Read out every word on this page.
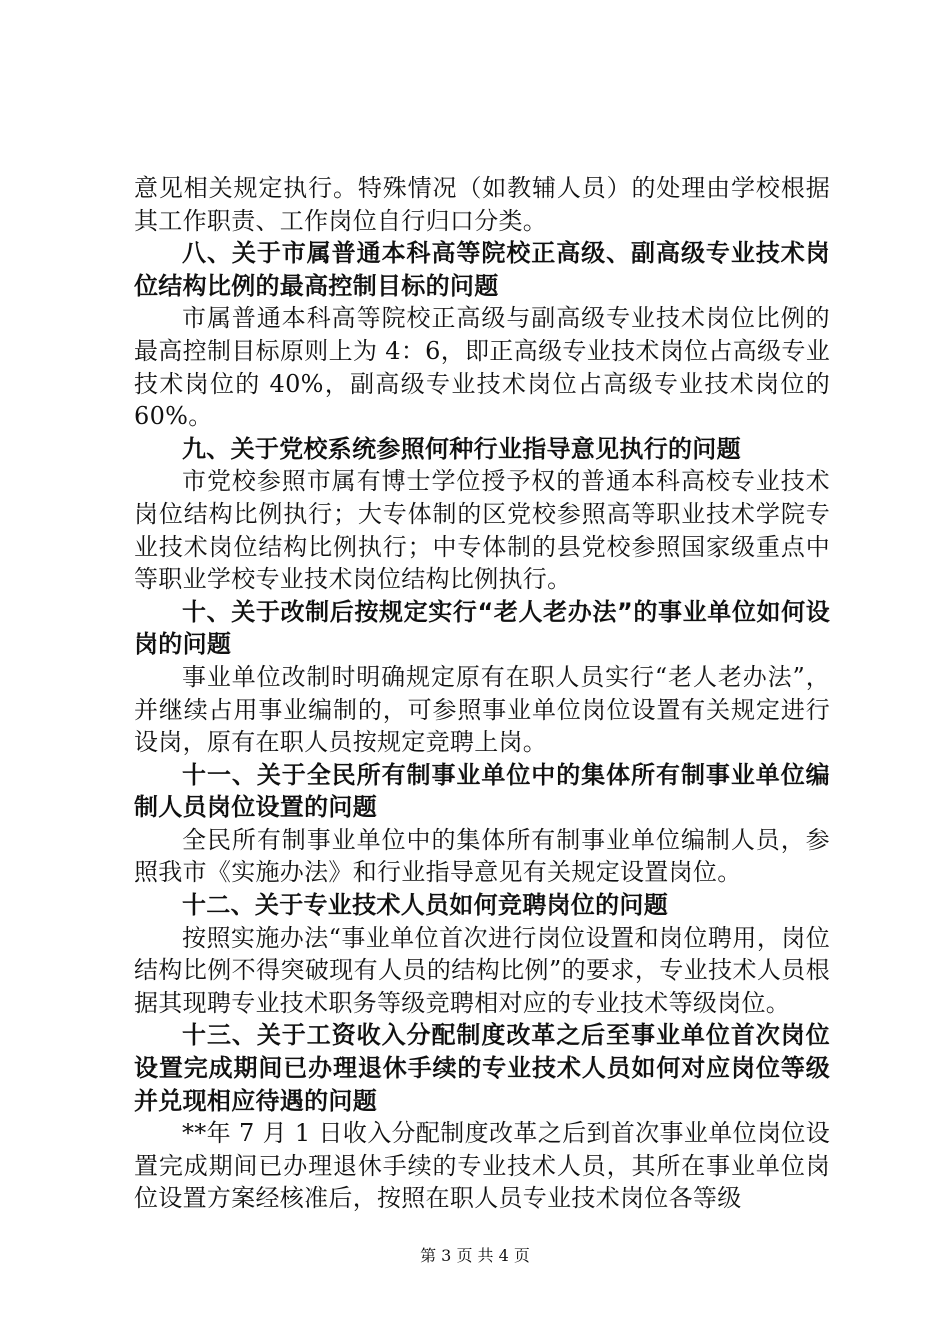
意见相关规定执行。特殊情况（如教辅人员）的处理由学校根据其工作职责、工作岗位自行归口分类。

八、关于市属普通本科高等院校正高级、副高级专业技术岗位结构比例的最高控制目标的问题

市属普通本科高等院校正高级与副高级专业技术岗位比例的最高控制目标原则上为 4：6，即正高级专业技术岗位占高级专业技术岗位的 40%，副高级专业技术岗位占高级专业技术岗位的 60%。

九、关于党校系统参照何种行业指导意见执行的问题

市党校参照市属有博士学位授予权的普通本科高校专业技术岗位结构比例执行；大专体制的区党校参照高等职业技术学院专业技术岗位结构比例执行；中专体制的县党校参照国家级重点中等职业学校专业技术岗位结构比例执行。

十、关于改制后按规定实行“老人老办法”的事业单位如何设岗的问题

事业单位改制时明确规定原有在职人员实行“老人老办法”，并继续占用事业编制的，可参照事业单位岗位设置有关规定进行设岗，原有在职人员按规定竞聘上岗。

十一、关于全民所有制事业单位中的集体所有制事业单位编制人员岗位设置的问题

全民所有制事业单位中的集体所有制事业单位编制人员，参照我市《实施办法》和行业指导意见有关规定设置岗位。

十二、关于专业技术人员如何竞聘岗位的问题

按照实施办法“事业单位首次进行岗位设置和岗位聘用，岗位结构比例不得突破现有人员的结构比例”的要求，专业技术人员根据其现聘专业技术职务等级竞聘相对应的专业技术等级岗位。

十三、关于工资收入分配制度改革之后至事业单位首次岗位设置完成期间已办理退休手续的专业技术人员如何对应岗位等级并兑现相应待遇的问题

**年 7 月 1 日收入分配制度改革之后到首次事业单位岗位设置完成期间已办理退休手续的专业技术人员，其所在事业单位岗位设置方案经核准后，按照在职人员专业技术岗位各等级

第 3 页 共 4 页
